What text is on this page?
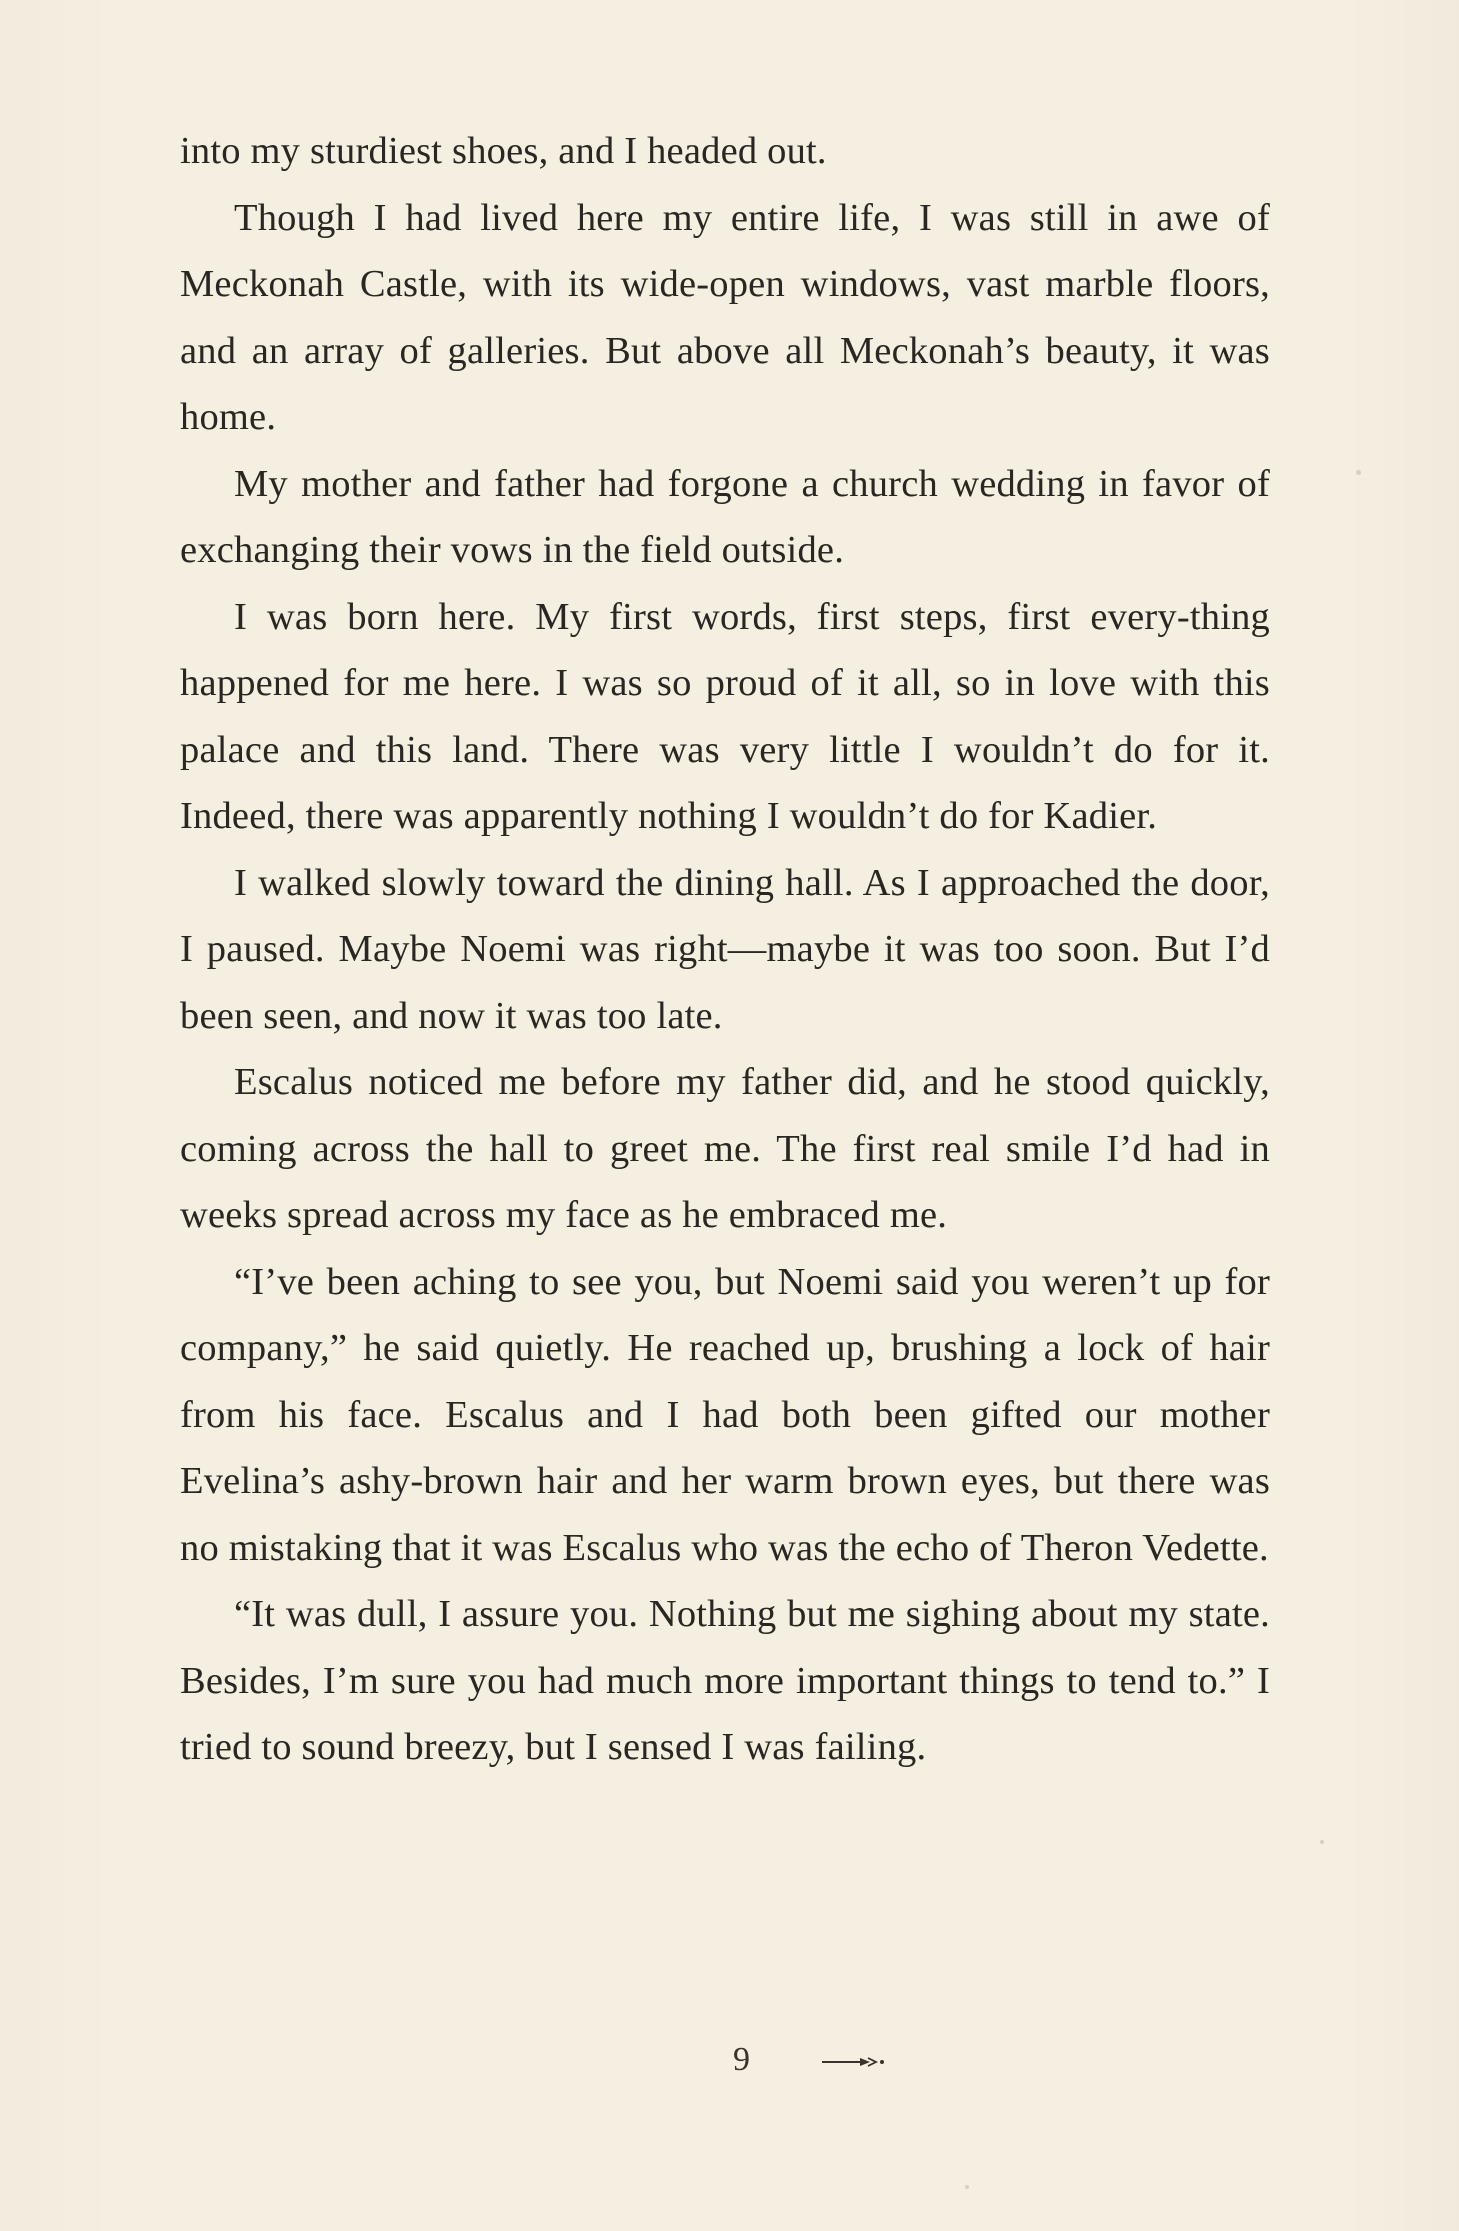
into my sturdiest shoes, and I headed out.

Though I had lived here my entire life, I was still in awe of Meckonah Castle, with its wide-open windows, vast marble floors, and an array of galleries. But above all Meckonah’s beauty, it was home.

My mother and father had forgone a church wedding in favor of exchanging their vows in the field outside.

I was born here. My first words, first steps, first every-thing happened for me here. I was so proud of it all, so in love with this palace and this land. There was very little I wouldn’t do for it. Indeed, there was apparently nothing I wouldn’t do for Kadier.

I walked slowly toward the dining hall. As I approached the door, I paused. Maybe Noemi was right—maybe it was too soon. But I’d been seen, and now it was too late.

Escalus noticed me before my father did, and he stood quickly, coming across the hall to greet me. The first real smile I’d had in weeks spread across my face as he embraced me.

“I’ve been aching to see you, but Noemi said you weren’t up for company,” he said quietly. He reached up, brushing a lock of hair from his face. Escalus and I had both been gifted our mother Evelina’s ashy-brown hair and her warm brown eyes, but there was no mistaking that it was Escalus who was the echo of Theron Vedette.

“It was dull, I assure you. Nothing but me sighing about my state. Besides, I’m sure you had much more important things to tend to.” I tried to sound breezy, but I sensed I was failing.

9
